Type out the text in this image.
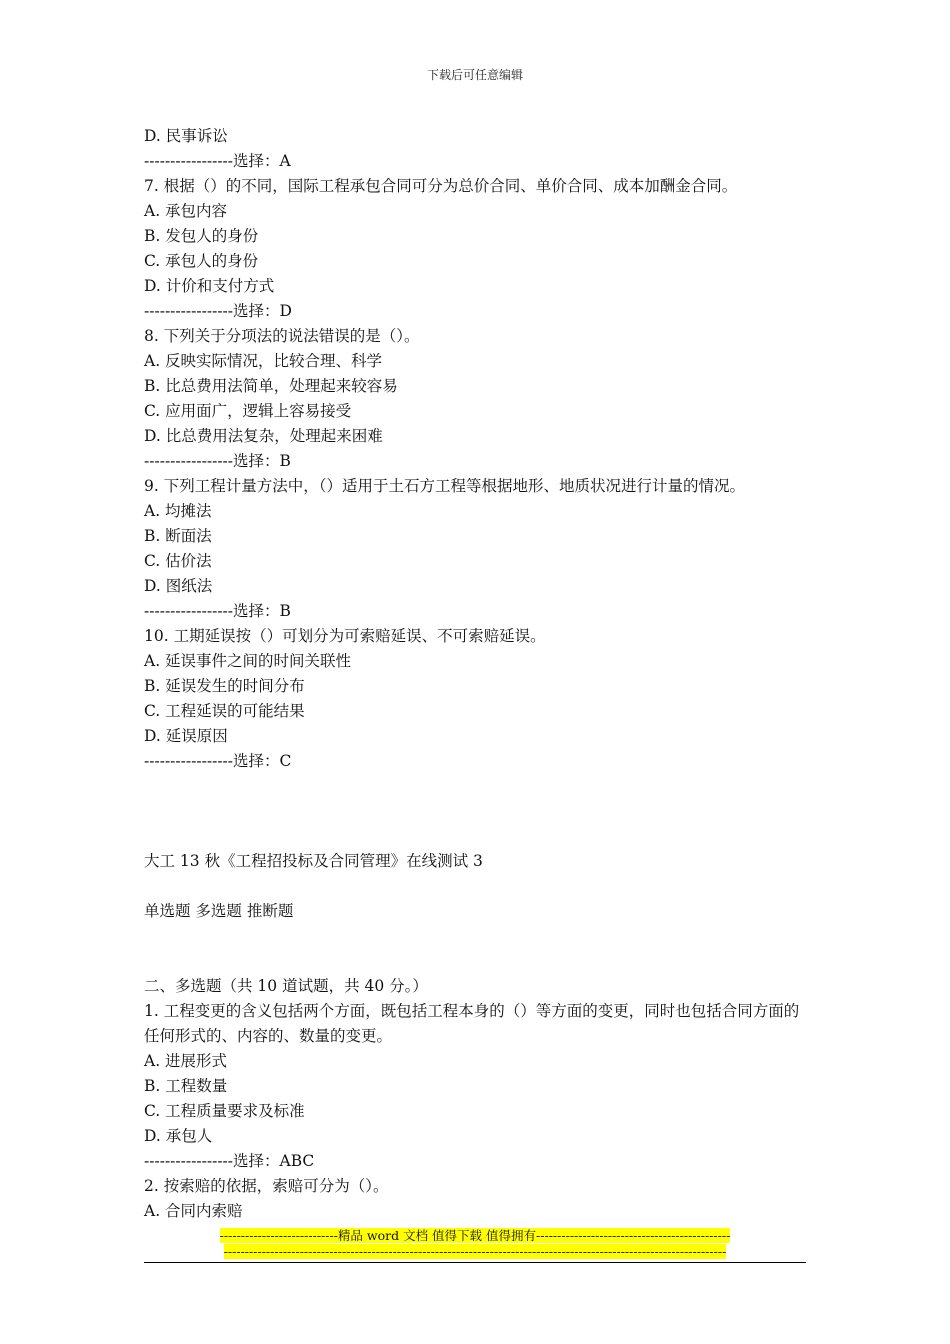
下载后可任意编辑
D. 民事诉讼
-----------------选择：A
7. 根据（）的不同，国际工程承包合同可分为总价合同、单价合同、成本加酬金合同。
A. 承包内容
B. 发包人的身份
C. 承包人的身份
D. 计价和支付方式
-----------------选择：D
8. 下列关于分项法的说法错误的是（）。
A. 反映实际情况，比较合理、科学
B. 比总费用法简单，处理起来较容易
C. 应用面广，逻辑上容易接受
D. 比总费用法复杂，处理起来困难
-----------------选择：B
9. 下列工程计量方法中，（）适用于土石方工程等根据地形、地质状况进行计量的情况。
A. 均摊法
B. 断面法
C. 估价法
D. 图纸法
-----------------选择：B
10. 工期延误按（）可划分为可索赔延误、不可索赔延误。
A. 延误事件之间的时间关联性
B. 延误发生的时间分布
C. 工程延误的可能结果
D. 延误原因
-----------------选择：C
大工 13 秋《工程招投标及合同管理》在线测试 3
单选题 多选题 推断题
二、多选题（共 10 道试题，共 40 分。）
1. 工程变更的含义包括两个方面，既包括工程本身的（）等方面的变更，同时也包括合同方面的任何形式的、内容的、数量的变更。
A. 进展形式
B. 工程数量
C. 工程质量要求及标准
D. 承包人
-----------------选择：ABC
2. 按索赔的依据，索赔可分为（）。
A. 合同内索赔
----------------------------精品 word 文档 值得下载 值得拥有----------------------------------------------
-----------------------------------------------------------------------------------------------------------------------
